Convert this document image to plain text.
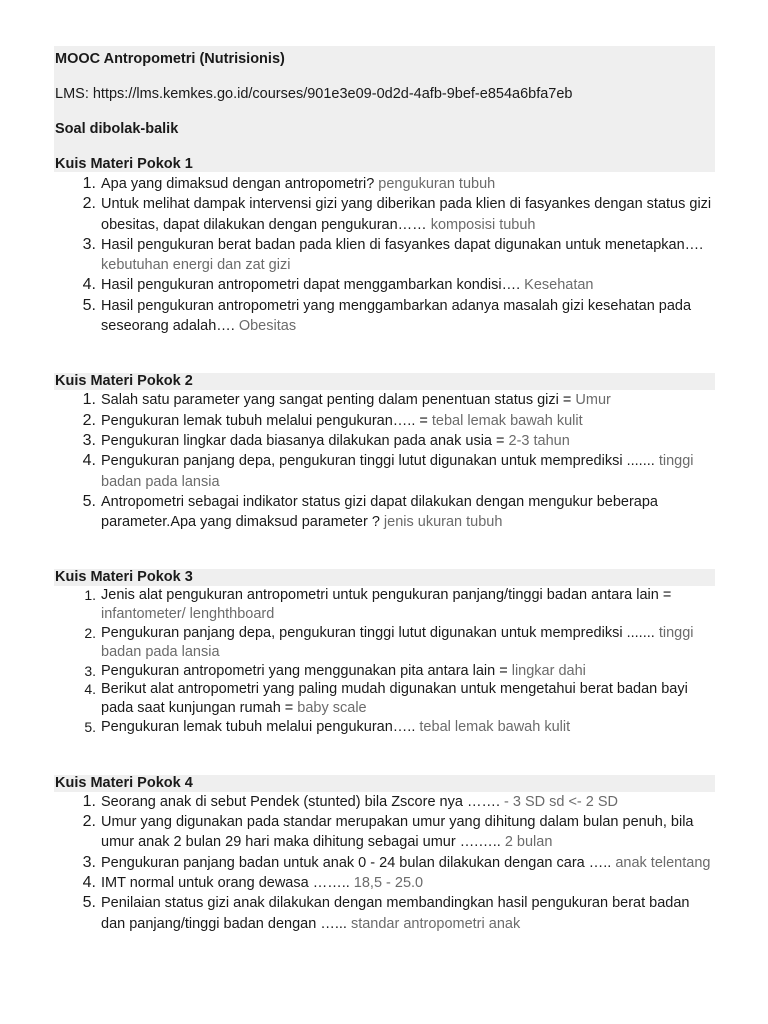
MOOC Antropometri (Nutrisionis)
LMS: https://lms.kemkes.go.id/courses/901e3e09-0d2d-4afb-9bef-e854a6bfa7eb
Soal dibolak-balik
Kuis Materi Pokok 1
1. Apa yang dimaksud dengan antropometri? pengukuran tubuh
2. Untuk melihat dampak intervensi gizi yang diberikan pada klien di fasyankes dengan status gizi obesitas, dapat dilakukan dengan pengukuran…… komposisi tubuh
3. Hasil pengukuran berat badan pada klien di fasyankes dapat digunakan untuk menetapkan…. kebutuhan energi dan zat gizi
4. Hasil pengukuran antropometri dapat menggambarkan kondisi…. Kesehatan
5. Hasil pengukuran antropometri yang menggambarkan adanya masalah gizi kesehatan pada seseorang adalah…. Obesitas
Kuis Materi Pokok 2
1. Salah satu parameter yang sangat penting dalam penentuan status gizi = Umur
2. Pengukuran lemak tubuh melalui pengukuran….. = tebal lemak bawah kulit
3. Pengukuran lingkar dada biasanya dilakukan pada anak usia = 2-3 tahun
4. Pengukuran panjang depa, pengukuran tinggi lutut digunakan untuk memprediksi ....... tinggi badan pada lansia
5. Antropometri sebagai indikator status gizi dapat dilakukan dengan mengukur beberapa parameter.Apa yang dimaksud parameter ? jenis ukuran tubuh
Kuis Materi Pokok 3
1. Jenis alat pengukuran antropometri untuk pengukuran panjang/tinggi badan antara lain = infantometer/ lenghthboard
2. Pengukuran panjang depa, pengukuran tinggi lutut digunakan untuk memprediksi ....... tinggi badan pada lansia
3. Pengukuran antropometri yang menggunakan pita antara lain = lingkar dahi
4. Berikut alat antropometri yang paling mudah digunakan untuk mengetahui berat badan bayi pada saat kunjungan rumah = baby scale
5. Pengukuran lemak tubuh melalui pengukuran….. tebal lemak bawah kulit
Kuis Materi Pokok 4
1. Seorang anak di sebut Pendek (stunted) bila Zscore nya ……. - 3 SD sd <- 2 SD
2. Umur yang digunakan pada standar merupakan umur yang dihitung dalam bulan penuh, bila umur anak 2 bulan 29 hari maka dihitung sebagai umur ….….. 2 bulan
3. Pengukuran panjang badan untuk anak 0 - 24 bulan dilakukan dengan cara ….. anak telentang
4. IMT normal untuk orang dewasa …….. 18,5 - 25.0
5. Penilaian status gizi anak dilakukan dengan membandingkan hasil pengukuran berat badan dan panjang/tinggi badan dengan …... standar antropometri anak
